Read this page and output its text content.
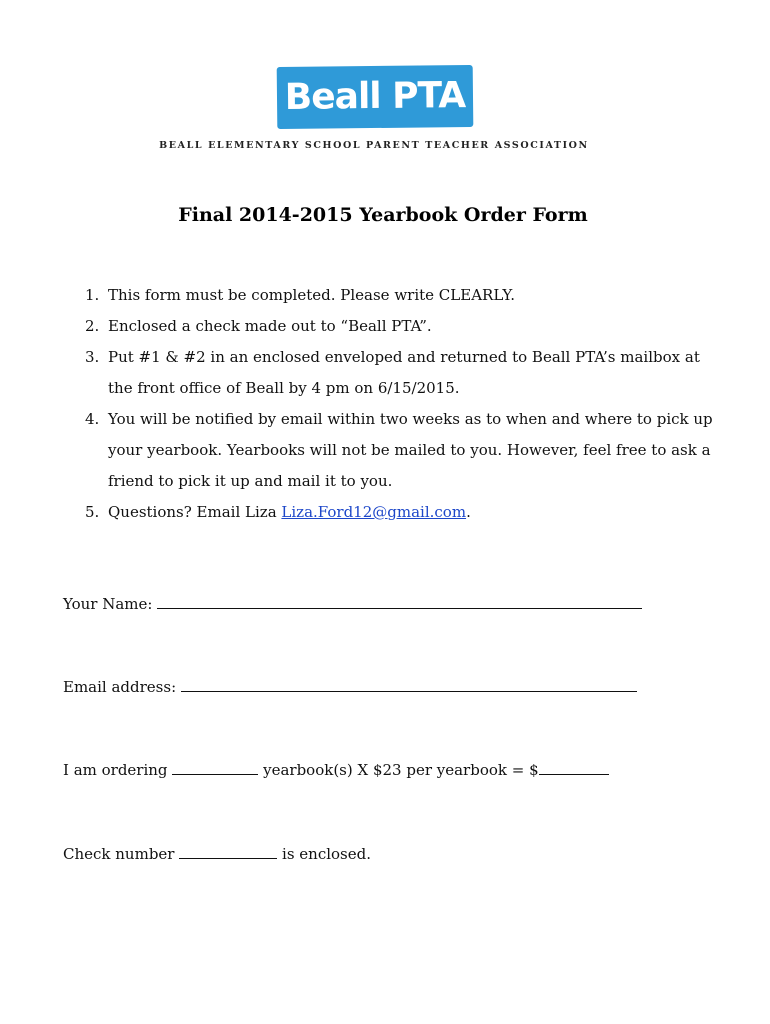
Beall PTA
BEALL ELEMENTARY SCHOOL PARENT TEACHER ASSOCIATION
Final 2014-2015 Yearbook Order Form
1. This form must be completed. Please write CLEARLY.
2. Enclosed a check made out to “Beall PTA”.
3. Put #1 & #2 in an enclosed enveloped and returned to Beall PTA’s mailbox at the front office of Beall by 4 pm on 6/15/2015.
4. You will be notified by email within two weeks as to when and where to pick up your yearbook. Yearbooks will not be mailed to you. However, feel free to ask a friend to pick it up and mail it to you.
5. Questions? Email Liza Liza.Ford12@gmail.com.
Your Name:
Email address:
I am ordering	yearbook(s) X $23 per yearbook = $
Check number	is enclosed.
